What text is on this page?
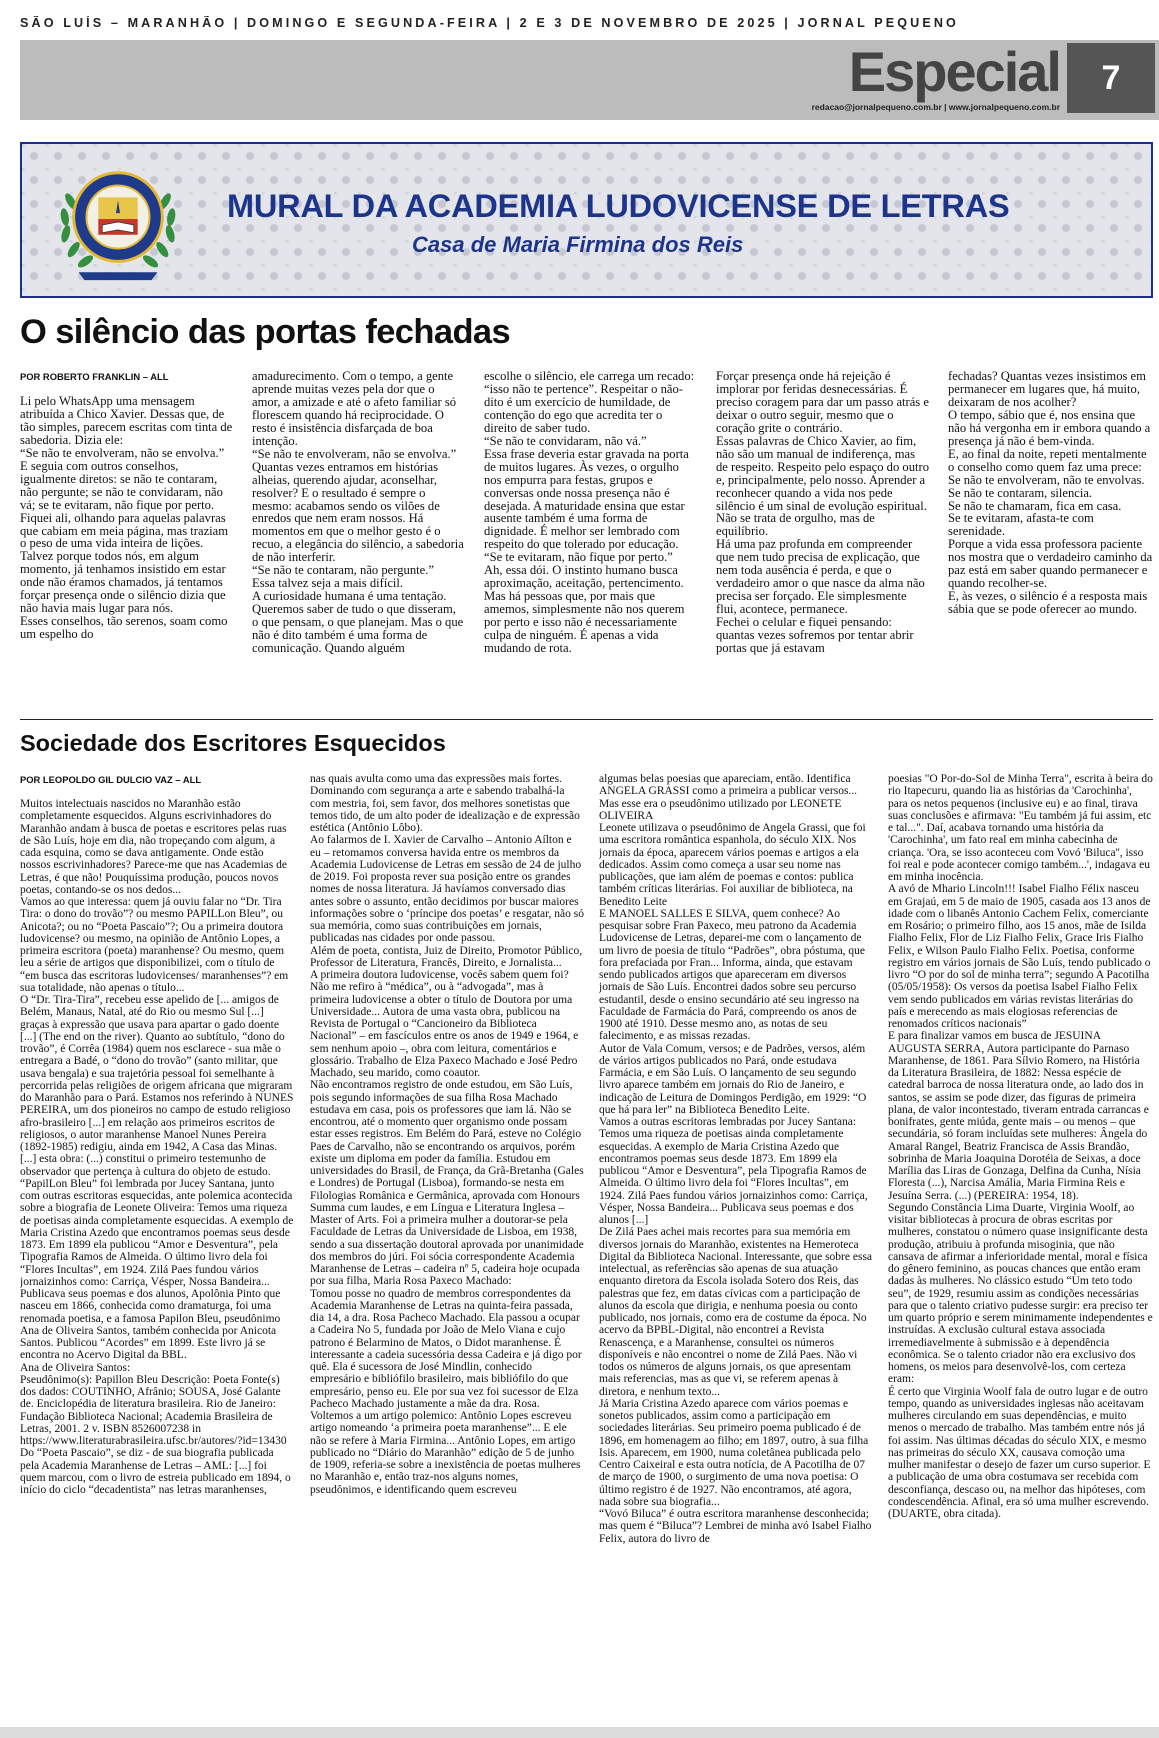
SÃO LUÍS – MARANHÃO | DOMINGO E SEGUNDA-FEIRA | 2 E 3 DE NOVEMBRO DE 2025 | JORNAL PEQUENO
Especial
redacao@jornalpequeno.com.br | www.jornalpequeno.com.br
7
MURAL DA ACADEMIA LUDOVICENSE DE LETRAS
Casa de Maria Firmina dos Reis
O silêncio das portas fechadas
POR ROBERTO FRANKLIN – ALL

Li pelo WhatsApp uma mensagem atribuída a Chico Xavier. Dessas que, de tão simples, parecem escritas com tinta de sabedoria. Dizia ele:
“Se não te envolveram, não se envolva.”
E seguia com outros conselhos, igualmente diretos: se não te contaram, não pergunte; se não te convidaram, não vá; se te evitaram, não fique por perto.
Fiquei ali, olhando para aquelas palavras que cabiam em meia página, mas traziam o peso de uma vida inteira de lições. Talvez porque todos nós, em algum momento, já tenhamos insistido em estar onde não éramos chamados, já tentamos forçar presença onde o silêncio dizia que não havia mais lugar para nós.
Esses conselhos, tão serenos, soam como um espelho do

amadurecimento. Com o tempo, a gente aprende muitas vezes pela dor que o amor, a amizade e até o afeto familiar só florescem quando há reciprocidade. O resto é insistência disfarçada de boa intenção.
“Se não te envolveram, não se envolva.”
Quantas vezes entramos em histórias alheias, querendo ajudar, aconselhar, resolver? E o resultado é sempre o mesmo: acabamos sendo os vilões de enredos que nem eram nossos. Há momentos em que o melhor gesto é o recuo, a elegância do silêncio, a sabedoria de não interferir.
“Se não te contaram, não pergunte.”
Essa talvez seja a mais difícil.
A curiosidade humana é uma tentação. Queremos saber de tudo o que disseram, o que pensam, o que planejam. Mas o que não é dito também é uma forma de comunicação. Quando alguém

escolhe o silêncio, ele carrega um recado: “isso não te pertence”. Respeitar o não-dito é um exercício de humildade, de contenção do ego que acredita ter o direito de saber tudo.
“Se não te convidaram, não vá.”
Essa frase deveria estar gravada na porta de muitos lugares. Às vezes, o orgulho nos empurra para festas, grupos e conversas onde nossa presença não é desejada. A maturidade ensina que estar ausente também é uma forma de dignidade. É melhor ser lembrado com respeito do que tolerado por educação.
“Se te evitaram, não fique por perto.”
Ah, essa dói. O instinto humano busca aproximação, aceitação, pertencimento. Mas há pessoas que, por mais que amemos, simplesmente não nos querem por perto e isso não é necessariamente culpa de ninguém. É apenas a vida mudando de rota.

Forçar presença onde há rejeição é implorar por feridas desnecessárias. É preciso coragem para dar um passo atrás e deixar o outro seguir, mesmo que o coração grite o contrário.
Essas palavras de Chico Xavier, ao fim, não são um manual de indiferença, mas de respeito. Respeito pelo espaço do outro e, principalmente, pelo nosso. Aprender a reconhecer quando a vida nos pede silêncio é um sinal de evolução espiritual. Não se trata de orgulho, mas de equilíbrio.
Há uma paz profunda em compreender que nem tudo precisa de explicação, que nem toda ausência é perda, e que o verdadeiro amor o que nasce da alma não precisa ser forçado. Ele simplesmente flui, acontece, permanece.
Fechei o celular e fiquei pensando: quantas vezes sofremos por tentar abrir portas que já estavam

fechadas? Quantas vezes insistimos em permanecer em lugares que, há muito, deixaram de nos acolher?
O tempo, sábio que é, nos ensina que não há vergonha em ir embora quando a presença já não é bem-vinda.
E, ao final da noite, repeti mentalmente o conselho como quem faz uma prece:
Se não te envolveram, não te envolvas.
Se não te contaram, silencia.
Se não te chamaram, fica em casa.
Se te evitaram, afasta-te com serenidade.
Porque a vida essa professora paciente nos mostra que o verdadeiro caminho da paz está em saber quando permanecer e quando recolher-se.
E, às vezes, o silêncio é a resposta mais sábia que se pode oferecer ao mundo.

Sociedade dos Escritores Esquecidos
POR LEOPOLDO GIL DULCIO VAZ – ALL

Muitos intelectuais nascidos no Maranhão estão completamente esquecidos. Alguns escrivinhadores do Maranhão andam à busca de poetas e escritores pelas ruas de São Luís, hoje em dia, não tropeçando com algum, a cada esquina, como se dava antigamente. Onde estão nossos escrivinhadores? Parece-me que nas Academias de Letras, é que não! Pouquíssima produção, poucos novos poetas, contando-se os nos dedos...
Vamos ao que interessa: quem já ouviu falar no “Dr. Tira Tira: o dono do trovão”? ou mesmo PAPILLon Bleu”, ou Anicota?; ou no “Poeta Pascaio”?; Ou a primeira doutora ludovicense? ou mesmo, na opinião de Antônio Lopes, a primeira escritora (poeta) maranhense? Ou mesmo, quem leu a série de artigos que disponibilizei, com o título de “em busca das escritoras ludovicenses/ maranhenses”? em sua totalidade, não apenas o título...
O “Dr. Tira-Tira”, recebeu esse apelido de [... amigos de Belém, Manaus, Natal, até do Rio ou mesmo Sul [...] graças à expressão que usava para apartar o gado doente [...] (The end on the river). Quanto ao subtítulo, “dono do trovão”, é Corrêa (1984) quem nos esclarece - sua mãe o entregara a Badé, o “dono do trovão” (santo militar, que usava bengala) e sua trajetória pessoal foi semelhante à percorrida pelas religiões de origem africana que migraram do Maranhão para o Pará. Estamos nos referindo à NUNES PEREIRA, um dos pioneiros no campo de estudo religioso afro-brasileiro [...] em relação aos primeiros escritos de religiosos, o autor maranhense Manoel Nunes Pereira (1892-1985) redigiu, ainda em 1942, A Casa das Minas. [...] esta obra: (...) constitui o primeiro testemunho de observador que pertença à cultura do objeto de estudo.
“PapilLon Bleu” foi lembrada por Jucey Santana, junto com outras escritoras esquecidas, ante polemica acontecida sobre a biografia de Leonete Oliveira: Temos uma riqueza de poetisas ainda completamente esquecidas. A exemplo de Maria Cristina Azedo que encontramos poemas seus desde 1873. Em 1899 ela publicou “Amor e Desventura”, pela Tipografia Ramos de Almeida. O último livro dela foi “Flores Incultas”, em 1924. Zilá Paes fundou vários jornaizinhos como: Carriça, Vésper, Nossa Bandeira... Publicava seus poemas e dos alunos, Apolônia Pinto que nasceu em 1866, conhecida como dramaturga, foi uma renomada poetisa, e a famosa Papilon Bleu, pseudônimo Ana de Oliveira Santos, também conhecida por Anicota Santos. Publicou “Acordes” em 1899. Este livro já se encontra no Acervo Digital da BBL.
Ana de Oliveira Santos:
Pseudônimo(s): Papillon Bleu Descrição: Poeta Fonte(s) dos dados: COUTINHO, Afrânio; SOUSA, José Galante de. Enciclopédia de literatura brasileira. Rio de Janeiro: Fundação Biblioteca Nacional; Academia Brasileira de Letras, 2001. 2 v. ISBN 8526007238 in https://www.literaturabrasileira.ufsc.br/autores/?id=13430 Do “Poeta Pascaio”, se diz - de sua biografia publicada pela Academia Maranhense de Letras – AML: [...] foi quem marcou, com o livro de estreia publicado em 1894, o início do ciclo “decadentista” nas letras maranhenses,

nas quais avulta como uma das expressões mais fortes. Dominando com segurança a arte e sabendo trabalhá-la com mestria, foi, sem favor, dos melhores sonetistas que temos tido, de um alto poder de idealização e de expressão estética (Antônio Lôbo).
Ao falarmos de I. Xavier de Carvalho – Antonio Aílton e eu – retomamos conversa havida entre os membros da Academia Ludovicense de Letras em sessão de 24 de julho de 2019. Foi proposta rever sua posição entre os grandes nomes de nossa literatura. Já havíamos conversado dias antes sobre o assunto, então decidimos por buscar maiores informações sobre o ‘príncipe dos poetas’ e resgatar, não só sua memória, como suas contribuições em jornais, publicadas nas cidades por onde passou.
Além de poeta, contista, Juiz de Direito, Promotor Público, Professor de Literatura, Francês, Direito, e Jornalista...
A primeira doutora ludovicense, vocês sabem quem foi? Não me refiro à “médica”, ou à “advogada”, mas à primeira ludovicense a obter o título de Doutora por uma Universidade... Autora de uma vasta obra, publicou na Revista de Portugal o “Cancioneiro da Biblioteca Nacional” – em fascículos entre os anos de 1949 e 1964, e sem nenhum apoio –, obra com leitura, comentários e glossário. Trabalho de Elza Paxeco Machado e José Pedro Machado, seu marido, como coautor.
Não encontramos registro de onde estudou, em São Luís, pois segundo informações de sua filha Rosa Machado estudava em casa, pois os professores que iam lá. Não se encontrou, até o momento quer organismo onde possam estar esses registros. Em Belém do Pará, esteve no Colégio Paes de Carvalho, não se encontrando os arquivos, porém existe um diploma em poder da família. Estudou em universidades do Brasil, de França, da Grã-Bretanha (Gales e Londres) de Portugal (Lisboa), formando-se nesta em Filologias Românica e Germânica, aprovada com Honours Summa cum laudes, e em Língua e Literatura Inglesa – Master of Arts. Foi a primeira mulher a doutorar-se pela Faculdade de Letras da Universidade de Lisboa, em 1938, sendo a sua dissertação doutoral aprovada por unanimidade dos membros do júri. Foi sócia correspondente Academia Maranhense de Letras – cadeira nº 5, cadeira hoje ocupada por sua filha, Maria Rosa Paxeco Machado:
Tomou posse no quadro de membros correspondentes da Academia Maranhense de Letras na quinta-feira passada, dia 14, a dra. Rosa Pacheco Machado. Ela passou a ocupar a Cadeira No 5, fundada por João de Melo Viana e cujo patrono é Belarmino de Matos, o Didot maranhense. É interessante a cadeia sucessória dessa Cadeira e já digo por quê. Ela é sucessora de José Mindlin, conhecido empresário e bibliófilo brasileiro, mais bibliófilo do que empresário, penso eu. Ele por sua vez foi sucessor de Elza Pacheco Machado justamente a mãe da dra. Rosa.
Voltemos a um artigo polemico: Antônio Lopes escreveu artigo nomeando ‘a primeira poeta maranhense”... E ele não se refere à Maria Firmina... Antônio Lopes, em artigo publicado no “Diário do Maranhão” edição de 5 de junho de 1909, referia-se sobre a inexistência de poetas mulheres no Maranhão e, então traz-nos alguns nomes, pseudônimos, e identificando quem escreveu

algumas belas poesias que apareciam, então. Identifica ANGELA GRASSI como a primeira a publicar versos... Mas esse era o pseudônimo utilizado por LEONETE OLIVEIRA
Leonete utilizava o pseudônimo de Angela Grassi, que foi uma escritora romântica espanhola, do século XIX. Nos jornais da época, aparecem vários poemas e artigos a ela dedicados. Assim como começa a usar seu nome nas publicações, que iam além de poemas e contos: publica também críticas literárias. Foi auxiliar de biblioteca, na Benedito Leite
E MANOEL SALLES E SILVA, quem conhece? Ao pesquisar sobre Fran Paxeco, meu patrono da Academia Ludovicense de Letras, deparei-me com o lançamento de um livro de poesia de título “Padrões”, obra póstuma, que fora prefaciada por Fran... Informa, ainda, que estavam sendo publicados artigos que apareceram em diversos jornais de São Luís. Encontrei dados sobre seu percurso estudantil, desde o ensino secundário até seu ingresso na Faculdade de Farmácia do Pará, compreendo os anos de 1900 até 1910. Desse mesmo ano, as notas de seu falecimento, e as missas rezadas.
Autor de Vala Comum, versos; e de Padrões, versos, além de vários artigos publicados no Pará, onde estudava Farmácia, e em São Luís. O lançamento de seu segundo livro aparece também em jornais do Rio de Janeiro, e indicação de Leitura de Domingos Perdigão, em 1929: “O que há para ler” na Biblioteca Benedito Leite.
Vamos a outras escritoras lembradas por Jucey Santana: Temos uma riqueza de poetisas ainda completamente esquecidas. A exemplo de Maria Cristina Azedo que encontramos poemas seus desde 1873. Em 1899 ela publicou “Amor e Desventura”, pela Tipografia Ramos de Almeida. O último livro dela foi “Flores Incultas”, em 1924. Zilá Paes fundou vários jornaizinhos como: Carriça, Vésper, Nossa Bandeira... Publicava seus poemas e dos alunos [...]
De Zilá Paes achei mais recortes para sua memória em diversos jornais do Maranhão, existentes na Hemeroteca Digital da Biblioteca Nacional. Interessante, que sobre essa intelectual, as referências são apenas de sua atuação enquanto diretora da Escola isolada Sotero dos Reis, das palestras que fez, em datas cívicas com a participação de alunos da escola que dirigia, e nenhuma poesia ou conto publicado, nos jornais, como era de costume da época. No acervo da BPBL-Digital, não encontrei a Revista Renascença, e a Maranhense, consultei os números disponíveis e não encontrei o nome de Zilá Paes. Não vi todos os números de alguns jornais, os que apresentam mais referencias, mas as que vi, se referem apenas à diretora, e nenhum texto...
Já Maria Cristina Azedo aparece com vários poemas e sonetos publicados, assim como a participação em sociedades literárias. Seu primeiro poema publicado é de 1896, em homenagem ao filho; em 1897, outro, à sua filha Isis. Aparecem, em 1900, numa coletânea publicada pelo Centro Caixeiral e esta outra notícia, de A Pacotilha de 07 de março de 1900, o surgimento de uma nova poetisa: O último registro é de 1927. Não encontramos, até agora, nada sobre sua biografia...
“Vovó Biluca” é outra escritora maranhense desconhecida; mas quem é “Biluca”? Lembrei de minha avó Isabel Fialho Felix, autora do livro de

poesias "O Por-do-Sol de Minha Terra", escrita à beira do rio Itapecuru, quando lia as histórias da 'Carochinha', para os netos pequenos (inclusive eu) e ao final, tirava suas conclusões e afirmava: "Eu também já fui assim, etc e tal...". Daí, acabava tornando uma história da 'Carochinha', um fato real em minha cabecinha de criança. 'Ora, se isso aconteceu com Vovó 'Biluca'', isso foi real e pode acontecer comigo também...', indagava eu em minha inocência.
A avó de Mhario Lincoln!!! Isabel Fialho Félix nasceu em Grajaú, em 5 de maio de 1905, casada aos 13 anos de idade com o libanês Antonio Cachem Felix, comerciante em Rosário; o primeiro filho, aos 15 anos, mãe de Isilda Fialho Felix, Flor de Liz Fialho Felix, Grace Iris Fialho Felix, e Wilson Paulo Fialho Felix. Poetisa, conforme registro em vários jornais de São Luís, tendo publicado o livro “O por do sol de minha terra”; segundo A Pacotilha (05/05/1958): Os versos da poetisa Isabel Fialho Felix vem sendo publicados em várias revistas literárias do país e merecendo as mais elogiosas referencias de renomados críticos nacionais”
E para finalizar vamos em busca de JESUINA AUGUSTA SERRA, Autora participante do Parnaso Maranhense, de 1861. Para Sílvio Romero, na História da Literatura Brasileira, de 1882: Nessa espécie de catedral barroca de nossa literatura onde, ao lado dos in santos, se assim se pode dizer, das figuras de primeira plana, de valor incontestado, tiveram entrada carrancas e bonifrates, gente miúda, gente mais – ou menos – que secundária, só foram incluídas sete mulheres: Ângela do Amaral Rangel, Beatriz Francisca de Assis Brandão, sobrinha de Maria Joaquina Dorotéia de Seixas, a doce Marília das Liras de Gonzaga, Delfina da Cunha, Nísia Floresta (...), Narcisa Amália, Maria Firmina Reis e Jesuína Serra. (...) (PEREIRA: 1954, 18).
Segundo Constância Lima Duarte, Virginia Woolf, ao visitar bibliotecas à procura de obras escritas por mulheres, constatou o número quase insignificante desta produção, atribuiu à profunda misoginia, que não cansava de afirmar a inferioridade mental, moral e física do gênero feminino, as poucas chances que então eram dadas às mulheres. No clássico estudo “Um teto todo seu”, de 1929, resumiu assim as condições necessárias para que o talento criativo pudesse surgir: era preciso ter um quarto próprio e serem minimamente independentes e instruídas. A exclusão cultural estava associada irremediavelmente à submissão e à dependência econômica. Se o talento criador não era exclusivo dos homens, os meios para desenvolvê-los, com certeza eram:
É certo que Virginia Woolf fala de outro lugar e de outro tempo, quando as universidades inglesas não aceitavam mulheres circulando em suas dependências, e muito menos o mercado de trabalho. Mas também entre nós já foi assim. Nas últimas décadas do século XIX, e mesmo nas primeiras do século XX, causava comoção uma mulher manifestar o desejo de fazer um curso superior. E a publicação de uma obra costumava ser recebida com desconfiança, descaso ou, na melhor das hipóteses, com condescendência. Afinal, era só uma mulher escrevendo. (DUARTE, obra citada).
